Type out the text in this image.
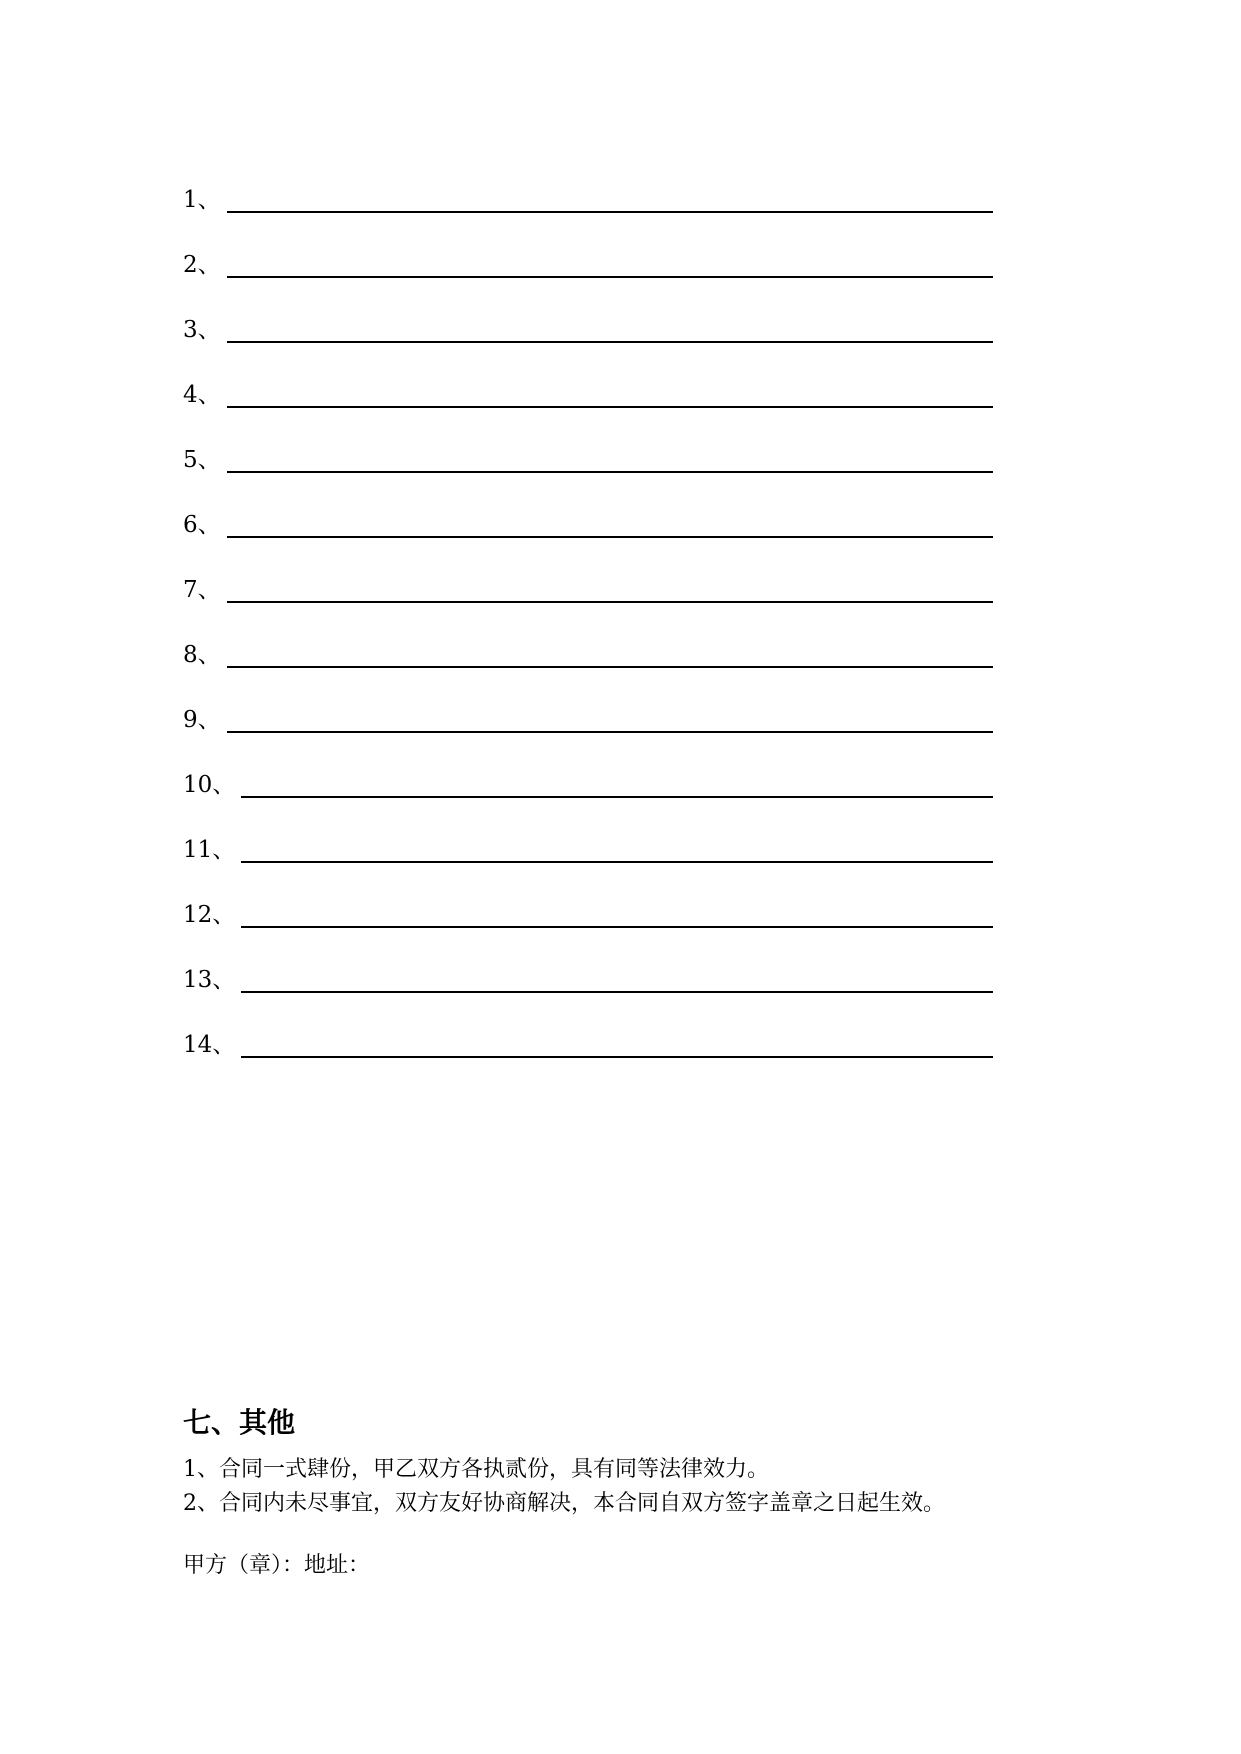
1、
2、
3、
4、
5、
6、
7、
8、
9、
10、
11、
12、
13、
14、
七、其他

1、合同一式肆份，甲乙双方各执贰份，具有同等法律效力。

2、合同内未尽事宜，双方友好协商解决，本合同自双方签字盖章之日起生效。

甲方（章）：地址：
